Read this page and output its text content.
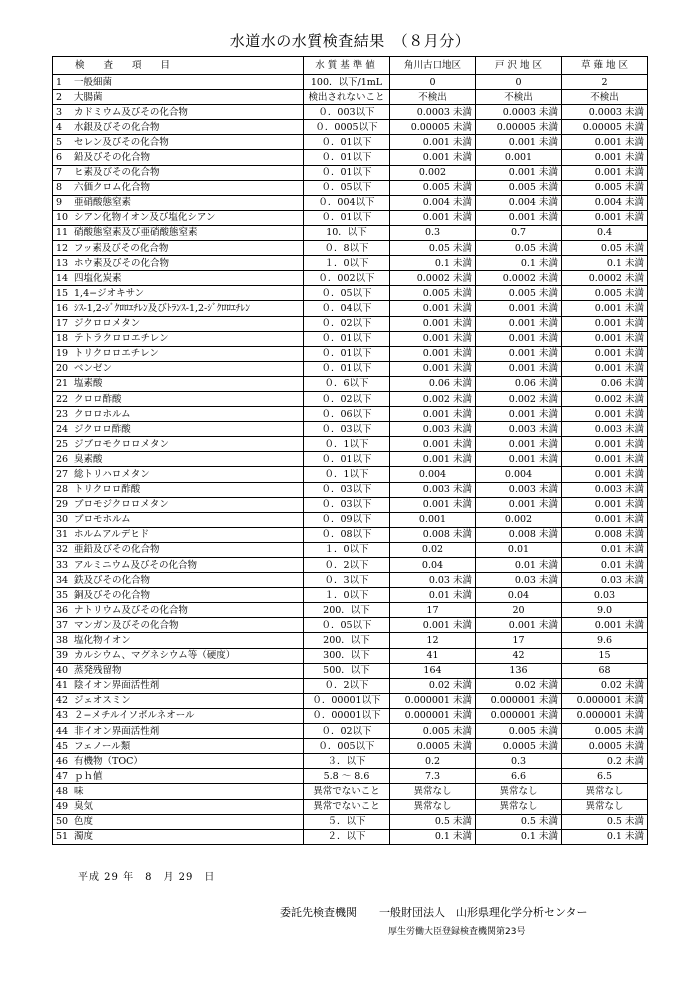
水道水の水質検査結果　（８月分）
検　　査　　項　　目	水質基準値	角川古口地区	戸 沢 地 区	草 薙 地 区
1 一般細菌	100．以下/1mL	0	0	2
2 大腸菌	検出されないこと	不検出	不検出	不検出
3 カドミウム及びその化合物	０．003以下	0.0003 未満	0.0003 未満	0.0003 未満
4 水銀及びその化合物	０．0005以下	0.00005 未満	0.00005 未満	0.00005 未満
5 セレン及びその化合物	０．01以下	0.001 未満	0.001 未満	0.001 未満
6 鉛及びその化合物	０．01以下	0.001 未満	0.001	0.001 未満
7 ヒ素及びその化合物	０．01以下	0.002	0.001 未満	0.001 未満
8 六価クロム化合物	０．05以下	0.005 未満	0.005 未満	0.005 未満
9 亜硝酸態窒素	０．004以下	0.004 未満	0.004 未満	0.004 未満
10 シアン化物イオン及び塩化シアン	０．01以下	0.001 未満	0.001 未満	0.001 未満
11 硝酸態窒素及び亜硝酸態窒素	10．以下	0.3	0.7	0.4
12 フッ素及びその化合物	０．8以下	0.05 未満	0.05 未満	0.05 未満
13 ホウ素及びその化合物	１．0以下	0.1 未満	0.1 未満	0.1 未満
14 四塩化炭素	０．002以下	0.0002 未満	0.0002 未満	0.0002 未満
15 1,4−ジオキサン	０．05以下	0.005 未満	0.005 未満	0.005 未満
16 ｼｽ-1,2-ｼﾞｸﾛﾛｴﾁﾚﾝ及びﾄﾗﾝｽ-1,2-ｼﾞｸﾛﾛｴﾁﾚﾝ	０．04以下	0.001 未満	0.001 未満	0.001 未満
17 ジクロロメタン	０．02以下	0.001 未満	0.001 未満	0.001 未満
18 テトラクロロエチレン	０．01以下	0.001 未満	0.001 未満	0.001 未満
19 トリクロロエチレン	０．01以下	0.001 未満	0.001 未満	0.001 未満
20 ベンゼン	０．01以下	0.001 未満	0.001 未満	0.001 未満
21 塩素酸	０．6以下	0.06 未満	0.06 未満	0.06 未満
22 クロロ酢酸	０．02以下	0.002 未満	0.002 未満	0.002 未満
23 クロロホルム	０．06以下	0.001 未満	0.001 未満	0.001 未満
24 ジクロロ酢酸	０．03以下	0.003 未満	0.003 未満	0.003 未満
25 ジブロモクロロメタン	０．1以下	0.001 未満	0.001 未満	0.001 未満
26 臭素酸	０．01以下	0.001 未満	0.001 未満	0.001 未満
27 総トリハロメタン	０．1以下	0.004	0.004	0.001 未満
28 トリクロロ酢酸	０．03以下	0.003 未満	0.003 未満	0.003 未満
29 ブロモジクロロメタン	０．03以下	0.001 未満	0.001 未満	0.001 未満
30 ブロモホルム	０．09以下	0.001	0.002	0.001 未満
31 ホルムアルデヒド	０．08以下	0.008 未満	0.008 未満	0.008 未満
32 亜鉛及びその化合物	１．0以下	0.02	0.01	0.01 未満
33 アルミニウム及びその化合物	０．2以下	0.04	0.01 未満	0.01 未満
34 鉄及びその化合物	０．3以下	0.03 未満	0.03 未満	0.03 未満
35 銅及びその化合物	１．0以下	0.01 未満	0.04	0.03
36 ナトリウム及びその化合物	200．以下	17	20	9.0
37 マンガン及びその化合物	０．05以下	0.001 未満	0.001 未満	0.001 未満
38 塩化物イオン	200．以下	12	17	9.6
39 カルシウム、マグネシウム等（硬度）	300．以下	41	42	15
40 蒸発残留物	500．以下	164	136	68
41 陰イオン界面活性剤	０．2以下	0.02 未満	0.02 未満	0.02 未満
42 ジェオスミン	０．00001以下	0.000001 未満	0.000001 未満	0.000001 未満
43 ２−メチルイソボルネオール	０．00001以下	0.000001 未満	0.000001 未満	0.000001 未満
44 非イオン界面活性剤	０．02以下	0.005 未満	0.005 未満	0.005 未満
45 フェノール類	０．005以下	0.0005 未満	0.0005 未満	0.0005 未満
46 有機物（TOC）	３．以下	0.2	0.3	0.2 未満
47 ｐｈ値	5.8 ～ 8.6	7.3	6.6	6.5
48 味	異常でないこと	異常なし	異常なし	異常なし
49 臭気	異常でないこと	異常なし	異常なし	異常なし
50 色度	５．以下	0.5 未満	0.5 未満	0.5 未満
51 濁度	２．以下	0.1 未満	0.1 未満	0.1 未満
平成 29 年　8　月 29　日
委託先検査機関 一般財団法人　山形県理化学分析センター
厚生労働大臣登録検査機関第23号
